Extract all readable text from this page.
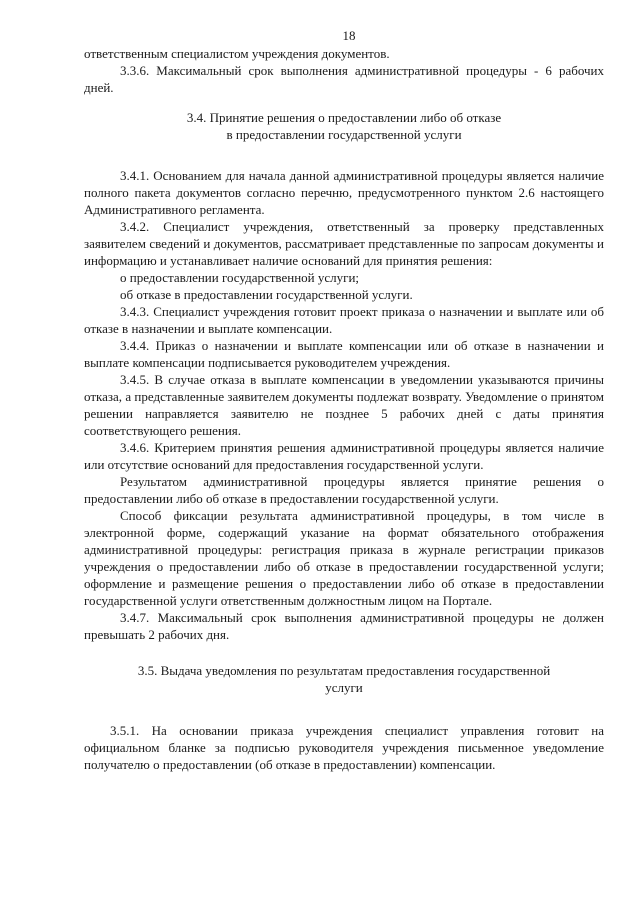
18

ответственным специалистом учреждения документов.

3.3.6. Максимальный срок выполнения административной процедуры - 6 рабочих дней.

3.4. Принятие решения о предоставлении либо об отказе
в предоставлении государственной услуги

3.4.1. Основанием для начала данной административной процедуры является наличие полного пакета документов согласно перечню, предусмотренного пунктом 2.6 настоящего Административного регламента.

3.4.2. Специалист учреждения, ответственный за проверку представленных заявителем сведений и документов, рассматривает представленные по запросам документы и информацию и устанавливает наличие оснований для принятия решения:

о предоставлении государственной услуги;

об отказе в предоставлении государственной услуги.

3.4.3. Специалист учреждения готовит проект приказа о назначении и выплате или об отказе в назначении и выплате компенсации.

3.4.4. Приказ о назначении и выплате компенсации или об отказе в назначении и выплате компенсации подписывается руководителем учреждения.

3.4.5. В случае отказа в выплате компенсации в уведомлении указываются причины отказа, а представленные заявителем документы подлежат возврату. Уведомление о принятом решении направляется заявителю не позднее 5 рабочих дней с даты принятия соответствующего решения.

3.4.6. Критерием принятия решения административной процедуры является наличие или отсутствие оснований для предоставления государственной услуги.

Результатом административной процедуры является принятие решения о предоставлении либо об отказе в предоставлении государственной услуги.

Способ фиксации результата административной процедуры, в том числе в электронной форме, содержащий указание на формат обязательного отображения административной процедуры: регистрация приказа в журнале регистрации приказов учреждения о предоставлении либо об отказе в предоставлении государственной услуги; оформление и размещение решения о предоставлении либо об отказе в предоставлении государственной услуги ответственным должностным лицом на Портале.

3.4.7. Максимальный срок выполнения административной процедуры не должен превышать 2 рабочих дня.

3.5. Выдача уведомления по результатам предоставления государственной
услуги

3.5.1. На основании приказа учреждения специалист управления готовит на официальном бланке за подписью руководителя учреждения письменное уведомление получателю о предоставлении (об отказе в предоставлении) компенсации.
